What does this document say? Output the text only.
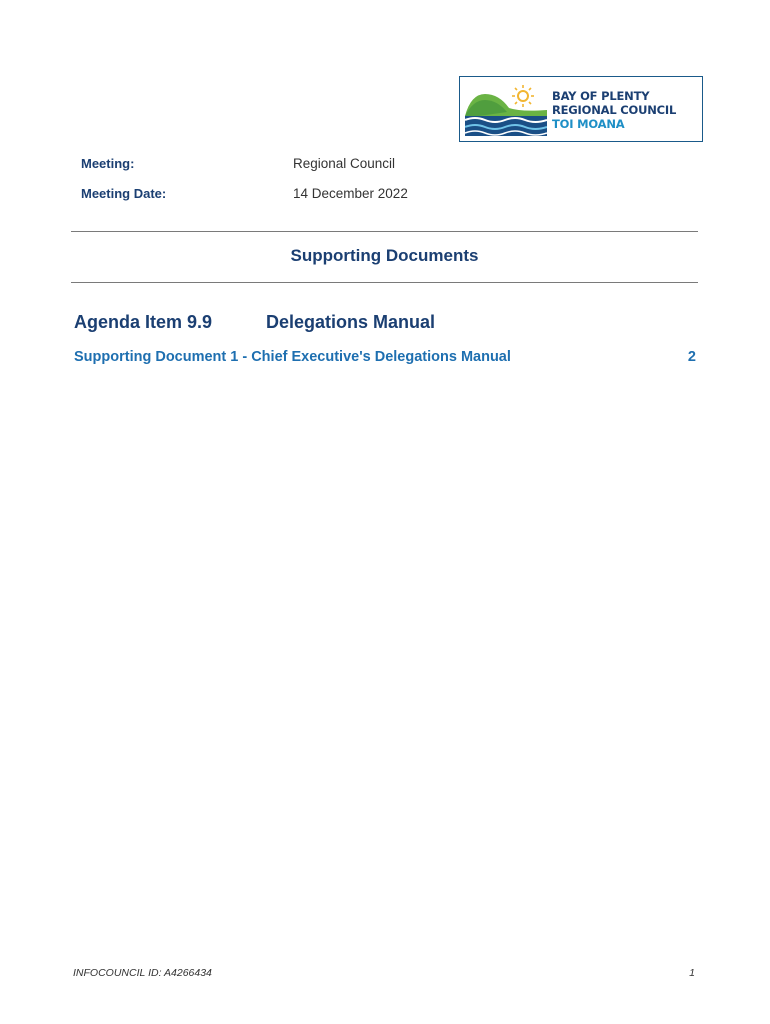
BAY OF PLENTY
REGIONAL COUNCIL
TOI MOANA
Meeting:	Regional Council
Meeting Date:	14 December 2022
Supporting Documents
Agenda Item 9.9	Delegations Manual
Supporting Document 1 - Chief Executive's Delegations Manual	2
INFOCOUNCIL ID: A4266434	1
